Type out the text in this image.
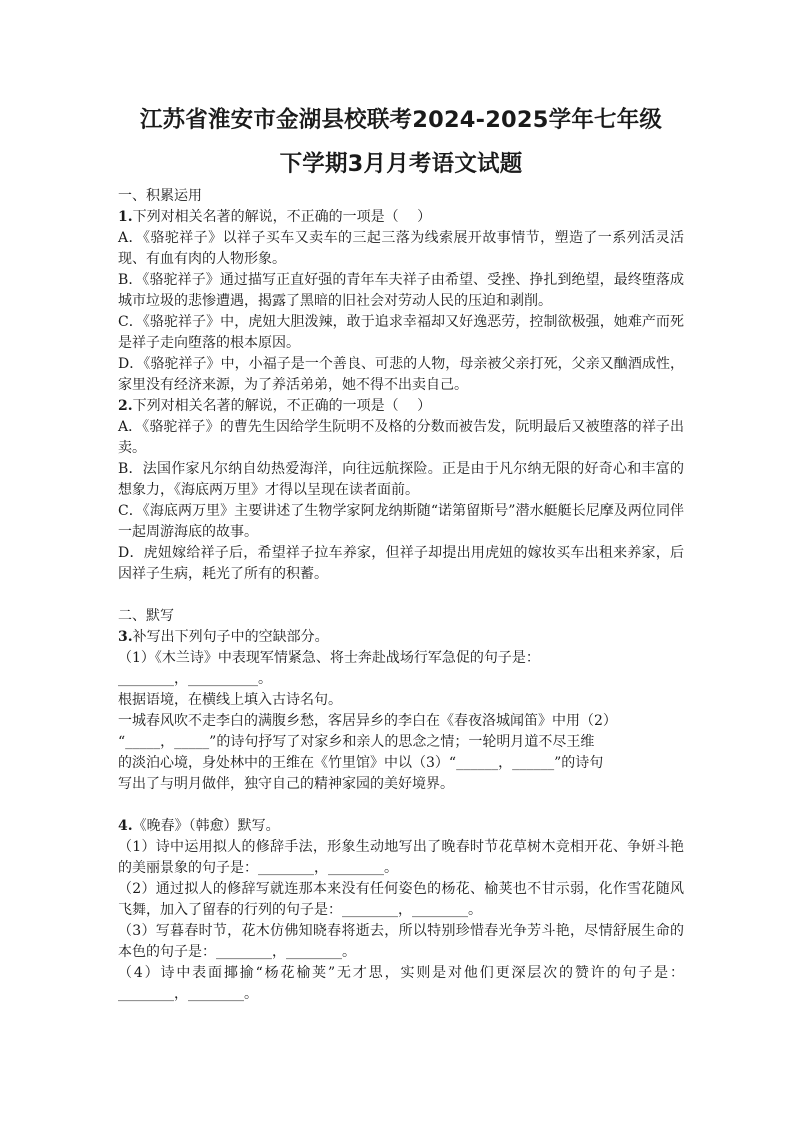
江苏省淮安市金湖县校联考2024-2025学年七年级
下学期3月月考语文试题

一、积累运用

1.下列对相关名著的解说，不正确的一项是（　 ）

A．《骆驼祥子》以祥子买车又卖车的三起三落为线索展开故事情节，塑造了一系列活灵活现、有血有肉的人物形象。

B．《骆驼祥子》通过描写正直好强的青年车夫祥子由希望、受挫、挣扎到绝望，最终堕落成城市垃圾的悲惨遭遇，揭露了黑暗的旧社会对劳动人民的压迫和剥削。

C．《骆驼祥子》中，虎妞大胆泼辣，敢于追求幸福却又好逸恶劳，控制欲极强，她难产而死是祥子走向堕落的根本原因。

D．《骆驼祥子》中，小福子是一个善良、可悲的人物，母亲被父亲打死，父亲又酗酒成性，家里没有经济来源，为了养活弟弟，她不得不出卖自己。

2.下列对相关名著的解说，不正确的一项是（　 ）

A．《骆驼祥子》的曹先生因给学生阮明不及格的分数而被告发，阮明最后又被堕落的祥子出卖。

B．法国作家凡尔纳自幼热爱海洋，向往远航探险。正是由于凡尔纳无限的好奇心和丰富的想象力，《海底两万里》才得以呈现在读者面前。

C．《海底两万里》主要讲述了生物学家阿龙纳斯随“诺第留斯号”潜水艇艇长尼摩及两位同伴一起周游海底的故事。

D．虎妞嫁给祥子后，希望祥子拉车养家，但祥子却提出用虎妞的嫁妆买车出租来养家，后因祥子生病，耗光了所有的积蓄。

二、默写

3.补写出下列句子中的空缺部分。

（1）《木兰诗》中表现军情紧急、将士奔赴战场行军急促的句子是：

________，__________。

根据语境，在横线上填入古诗名句。

一城春风吹不走李白的满腹乡愁，客居异乡的李白在《春夜洛城闻笛》中用（2）

“_____，_____”的诗句抒写了对家乡和亲人的思念之情；一轮明月道不尽王维

的淡泊心境，身处林中的王维在《竹里馆》中以（3）“______，______”的诗句

写出了与明月做伴，独守自己的精神家园的美好境界。

4.《晚春》（韩愈）默写。

（1）诗中运用拟人的修辞手法，形象生动地写出了晚春时节花草树木竞相开花、争妍斗艳的美丽景象的句子是：________，________。

（2）通过拟人的修辞写就连那本来没有任何姿色的杨花、榆荚也不甘示弱，化作雪花随风飞舞，加入了留春的行列的句子是：________，________。

（3）写暮春时节，花木仿佛知晓春将逝去，所以特别珍惜春光争芳斗艳，尽情舒展生命的本色的句子是：________，________。

（4）诗中表面揶揄“杨花榆荚”无才思，实则是对他们更深层次的赞许的句子是：________，________。
